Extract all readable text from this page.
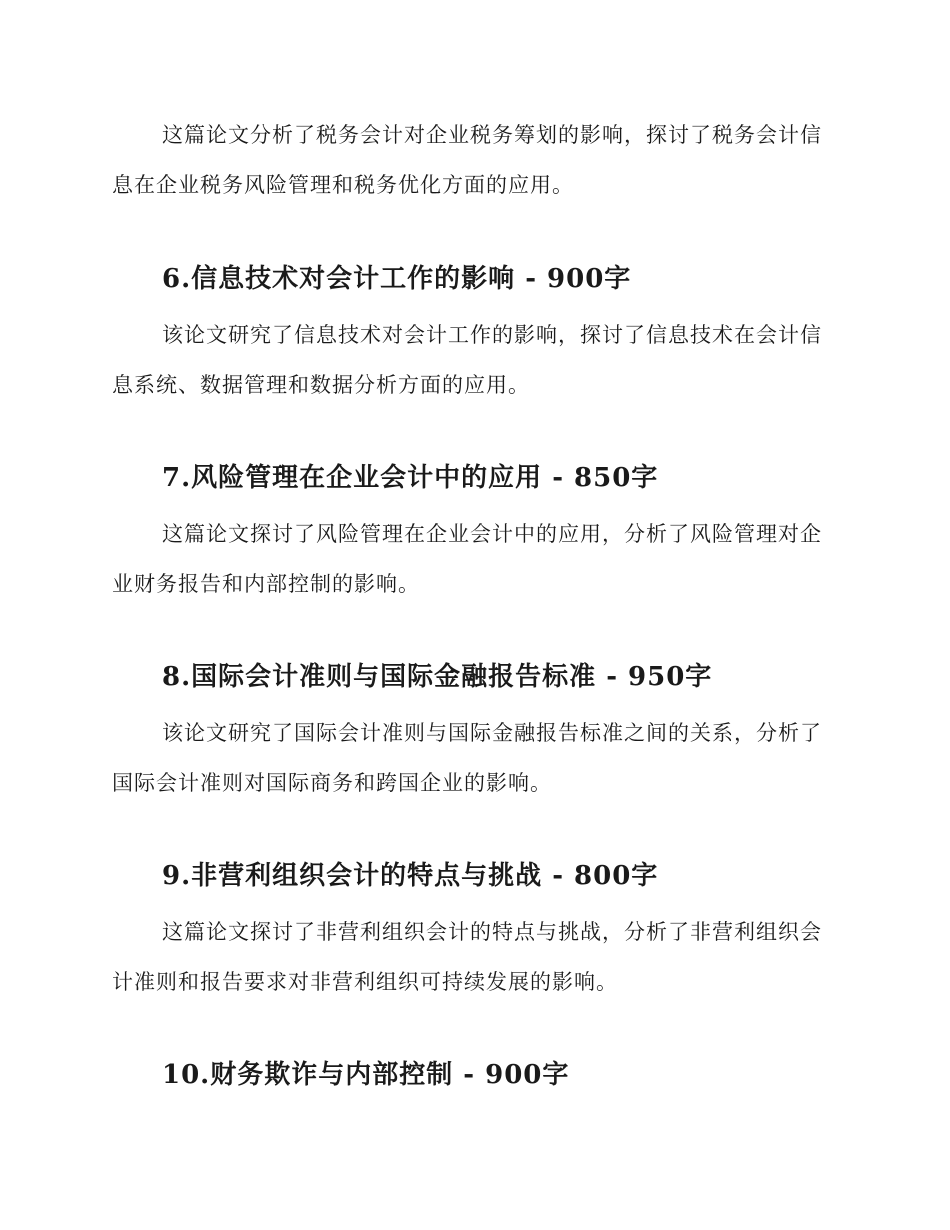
这篇论文分析了税务会计对企业税务筹划的影响，探讨了税务会计信息在企业税务风险管理和税务优化方面的应用。

6.信息技术对会计工作的影响 - 900字

该论文研究了信息技术对会计工作的影响，探讨了信息技术在会计信息系统、数据管理和数据分析方面的应用。

7.风险管理在企业会计中的应用 - 850字

这篇论文探讨了风险管理在企业会计中的应用，分析了风险管理对企业财务报告和内部控制的影响。

8.国际会计准则与国际金融报告标准 - 950字

该论文研究了国际会计准则与国际金融报告标准之间的关系，分析了国际会计准则对国际商务和跨国企业的影响。

9.非营利组织会计的特点与挑战 - 800字

这篇论文探讨了非营利组织会计的特点与挑战，分析了非营利组织会计准则和报告要求对非营利组织可持续发展的影响。

10.财务欺诈与内部控制 - 900字
